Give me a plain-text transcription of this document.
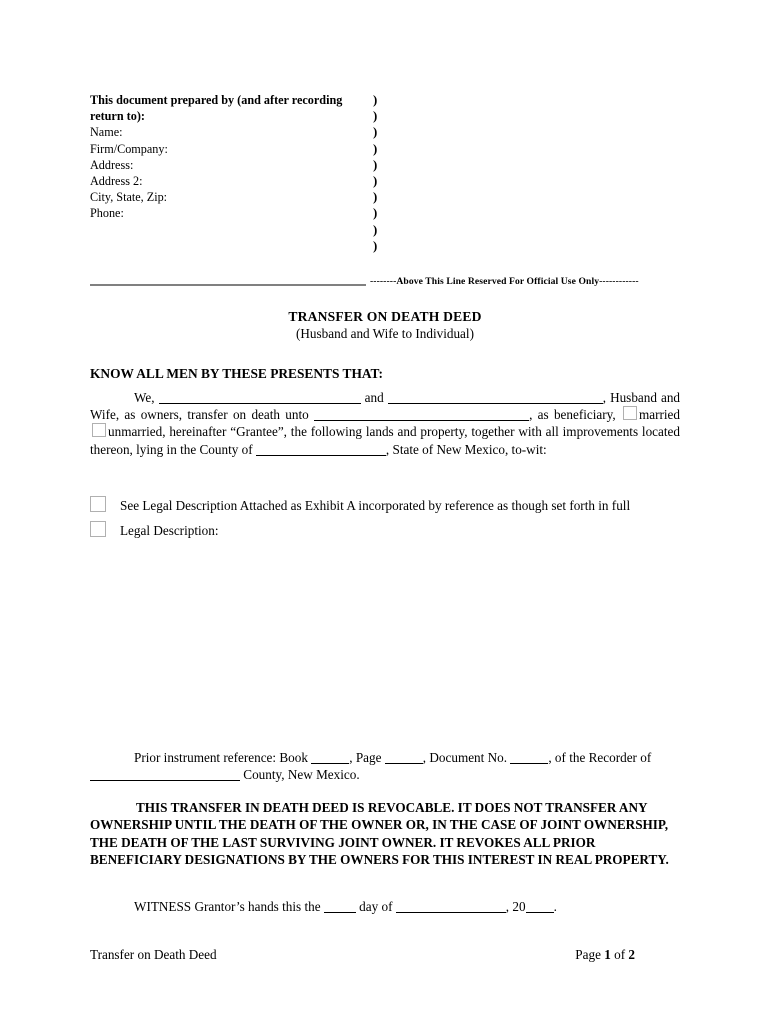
This document prepared by (and after recording )
return to):	)
Name:	)
Firm/Company:	)
Address:	)
Address 2:	)
City, State, Zip:	)
Phone:	)
)
)
--------Above This Line Reserved For Official Use Only------------
TRANSFER ON DEATH DEED
(Husband and Wife to Individual)
KNOW ALL MEN BY THESE PRESENTS THAT:
We,	and	, Husband and Wife, as owners, transfer on death unto	, as beneficiary, married unmarried, hereinafter “Grantee”, the following lands and property, together with all improvements located thereon, lying in the County of	, State of New Mexico, to-wit:
See Legal Description Attached as Exhibit A incorporated by reference as though set forth in full
Legal Description:
Prior instrument reference: Book	, Page	, Document No.	, of the Recorder of  County, New Mexico.
THIS TRANSFER IN DEATH DEED IS REVOCABLE. IT DOES NOT TRANSFER ANY OWNERSHIP UNTIL THE DEATH OF THE OWNER OR, IN THE CASE OF JOINT OWNERSHIP, THE DEATH OF THE LAST SURVIVING JOINT OWNER. IT REVOKES ALL PRIOR BENEFICIARY DESIGNATIONS BY THE OWNERS FOR THIS INTEREST IN REAL PROPERTY.
WITNESS Grantor’s hands this the	day of	, 20 .
Transfer on Death Deed	Page 1 of 2
